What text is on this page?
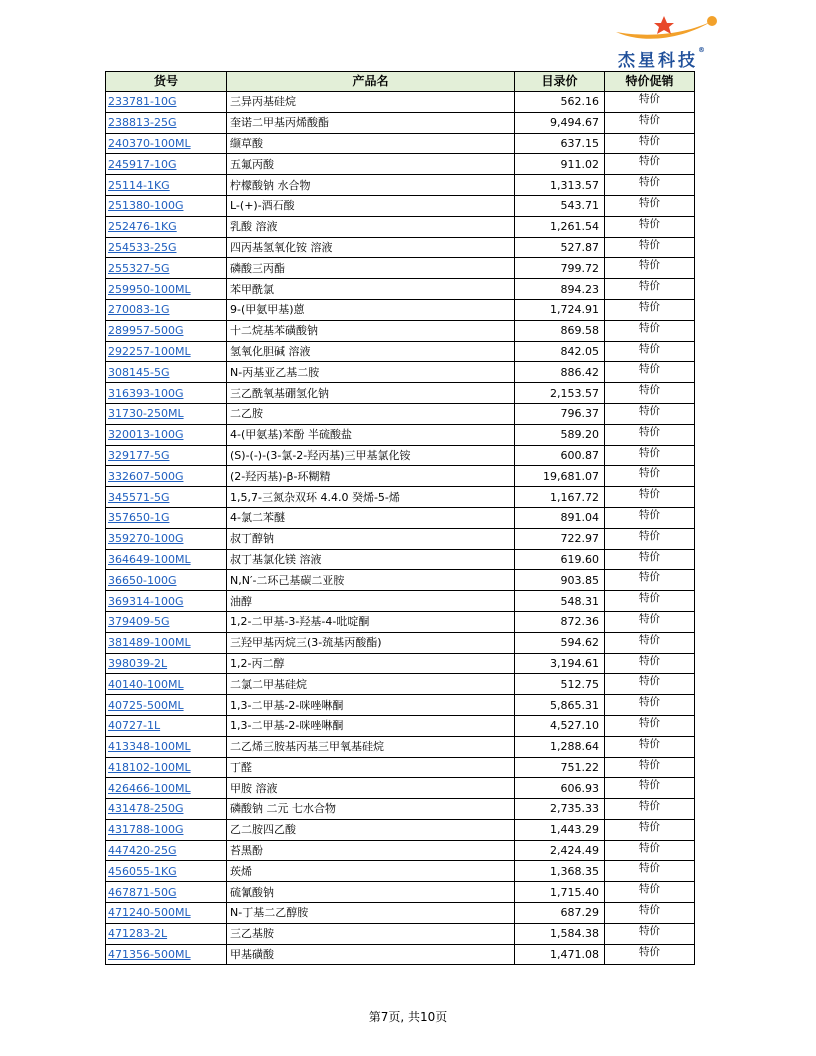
杰星科技®
货号	产品名	目录价	特价促销
233781-10G	三异丙基硅烷	562.16	特价
238813-25G	奎诺二甲基丙烯酸酯	9,494.67	特价
240370-100ML	缬草酸	637.15	特价
245917-10G	五氟丙酸	911.02	特价
25114-1KG	柠檬酸钠 水合物	1,313.57	特价
251380-100G	L-(+)-酒石酸	543.71	特价
252476-1KG	乳酸 溶液	1,261.54	特价
254533-25G	四丙基氢氧化铵 溶液	527.87	特价
255327-5G	磷酸三丙酯	799.72	特价
259950-100ML	苯甲酰氯	894.23	特价
270083-1G	9-(甲氨甲基)蒽	1,724.91	特价
289957-500G	十二烷基苯磺酸钠	869.58	特价
292257-100ML	氢氧化胆碱 溶液	842.05	特价
308145-5G	N-丙基亚乙基二胺	886.42	特价
316393-100G	三乙酰氧基硼氢化钠	2,153.57	特价
31730-250ML	二乙胺	796.37	特价
320013-100G	4-(甲氨基)苯酚 半硫酸盐	589.20	特价
329177-5G	(S)-(-)-(3-氯-2-羟丙基)三甲基氯化铵	600.87	特价
332607-500G	(2-羟丙基)-β-环糊精	19,681.07	特价
345571-5G	1,5,7-三氮杂双环 4.4.0 癸烯-5-烯	1,167.72	特价
357650-1G	4-氯二苯醚	891.04	特价
359270-100G	叔丁醇钠	722.97	特价
364649-100ML	叔丁基氯化镁 溶液	619.60	特价
36650-100G	N,N′-二环己基碳二亚胺	903.85	特价
369314-100G	油醇	548.31	特价
379409-5G	1,2-二甲基-3-羟基-4-吡啶酮	872.36	特价
381489-100ML	三羟甲基丙烷三(3-巯基丙酸酯)	594.62	特价
398039-2L	1,2-丙二醇	3,194.61	特价
40140-100ML	二氯二甲基硅烷	512.75	特价
40725-500ML	1,3-二甲基-2-咪唑啉酮	5,865.31	特价
40727-1L	1,3-二甲基-2-咪唑啉酮	4,527.10	特价
413348-100ML	二乙烯三胺基丙基三甲氧基硅烷	1,288.64	特价
418102-100ML	丁醛	751.22	特价
426466-100ML	甲胺 溶液	606.93	特价
431478-250G	磷酸钠 二元 七水合物	2,735.33	特价
431788-100G	乙二胺四乙酸	1,443.29	特价
447420-25G	苔黑酚	2,424.49	特价
456055-1KG	莰烯	1,368.35	特价
467871-50G	硫氰酸钠	1,715.40	特价
471240-500ML	N-丁基二乙醇胺	687.29	特价
471283-2L	三乙基胺	1,584.38	特价
471356-500ML	甲基磺酸	1,471.08	特价
第7页, 共10页
